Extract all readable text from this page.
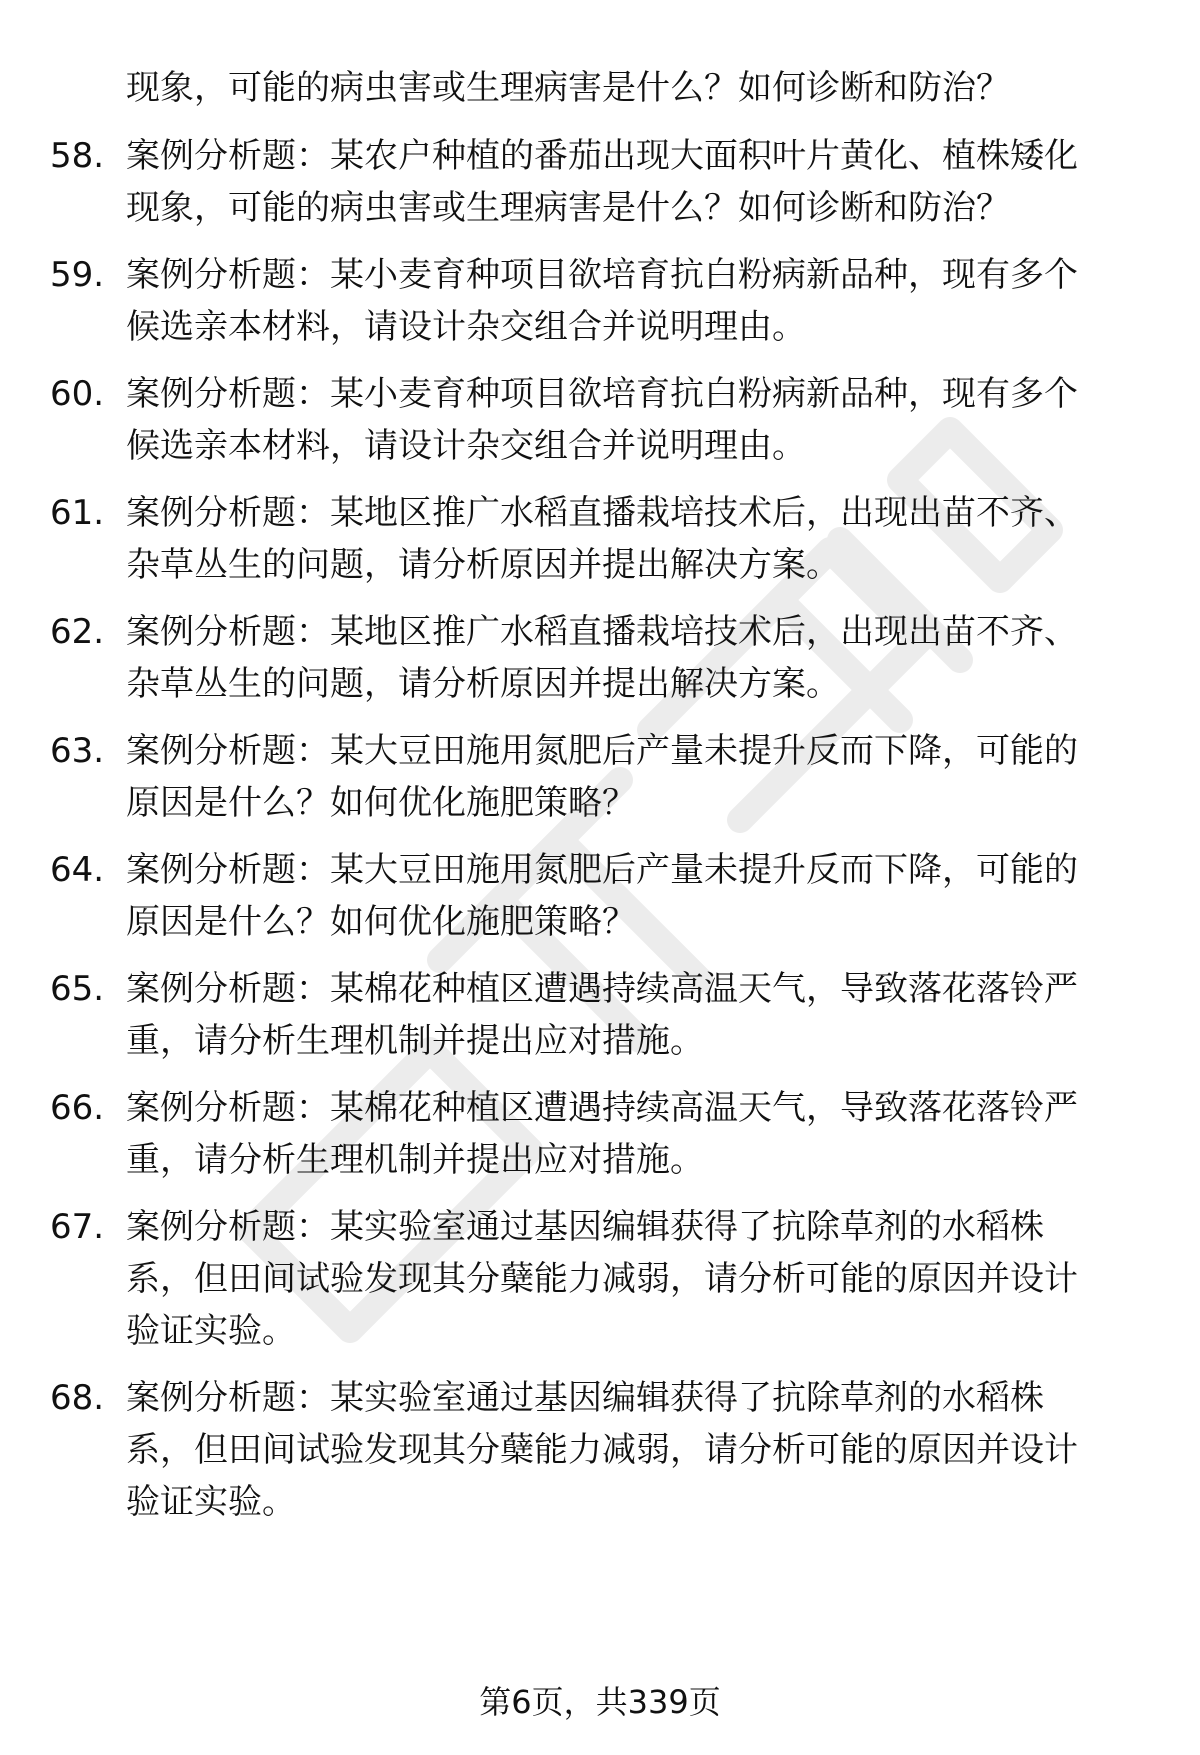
现象，可能的病虫害或生理病害是什么？如何诊断和防治？
58. 案例分析题：某农户种植的番茄出现大面积叶片黄化、植株矮化
现象，可能的病虫害或生理病害是什么？如何诊断和防治？
59. 案例分析题：某小麦育种项目欲培育抗白粉病新品种，现有多个
候选亲本材料，请设计杂交组合并说明理由。
60. 案例分析题：某小麦育种项目欲培育抗白粉病新品种，现有多个
候选亲本材料，请设计杂交组合并说明理由。
61. 案例分析题：某地区推广水稻直播栽培技术后，出现出苗不齐、
杂草丛生的问题，请分析原因并提出解决方案。
62. 案例分析题：某地区推广水稻直播栽培技术后，出现出苗不齐、
杂草丛生的问题，请分析原因并提出解决方案。
63. 案例分析题：某大豆田施用氮肥后产量未提升反而下降，可能的
原因是什么？如何优化施肥策略？
64. 案例分析题：某大豆田施用氮肥后产量未提升反而下降，可能的
原因是什么？如何优化施肥策略？
65. 案例分析题：某棉花种植区遭遇持续高温天气，导致落花落铃严
重，请分析生理机制并提出应对措施。
66. 案例分析题：某棉花种植区遭遇持续高温天气，导致落花落铃严
重，请分析生理机制并提出应对措施。
67. 案例分析题：某实验室通过基因编辑获得了抗除草剂的水稻株
系，但田间试验发现其分蘖能力减弱，请分析可能的原因并设计
验证实验。
68. 案例分析题：某实验室通过基因编辑获得了抗除草剂的水稻株
系，但田间试验发现其分蘖能力减弱，请分析可能的原因并设计
验证实验。
第6页，共339页
